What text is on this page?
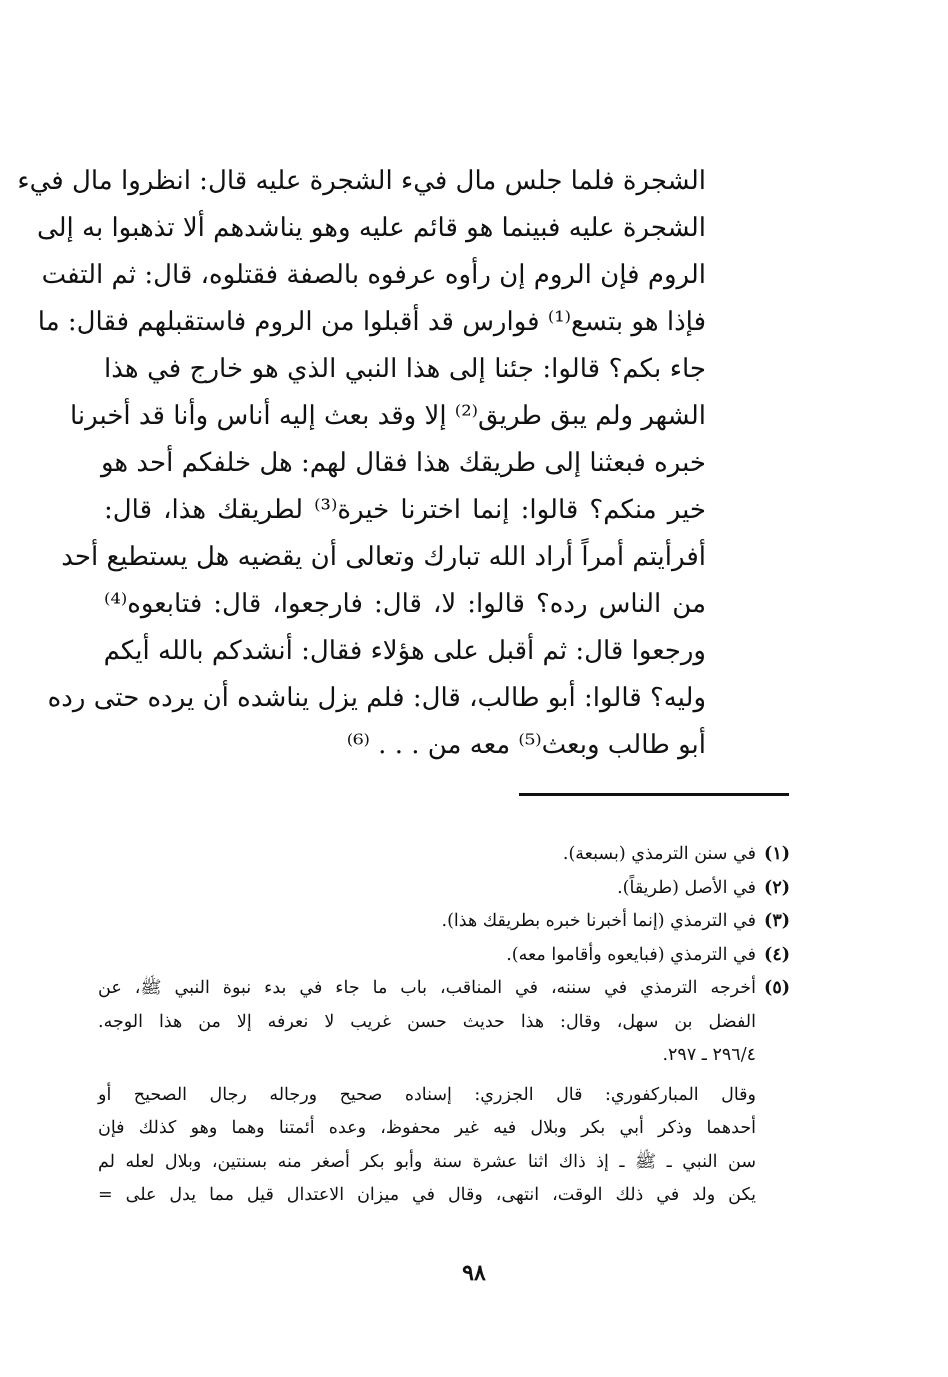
الشجرة فلما جلس مال فيء الشجرة عليه قال: انظروا مال فيء
الشجرة عليه فبينما هو قائم عليه وهو يناشدهم ألا تذهبوا به إلى
الروم فإن الروم إن رأوه عرفوه بالصفة فقتلوه، قال: ثم التفت
فإذا هو بتسع⁽¹⁾ فوارس قد أقبلوا من الروم فاستقبلهم فقال: ما
جاء بكم؟ قالوا: جئنا إلى هذا النبي الذي هو خارج في هذا
الشهر ولم يبق طريق⁽²⁾ إلا وقد بعث إليه أناس وأنا قد أخبرنا
خبره فبعثنا إلى طريقك هذا فقال لهم: هل خلفكم أحد هو
خير منكم؟ قالوا: إنما اخترنا خيرة⁽³⁾ لطريقك هذا، قال:
أفرأيتم أمراً أراد الله تبارك وتعالى أن يقضيه هل يستطيع أحد
من الناس رده؟ قالوا: لا، قال: فارجعوا، قال: فتابعوه⁽⁴⁾
ورجعوا قال: ثم أقبل على هؤلاء فقال: أنشدكم بالله أيكم
وليه؟ قالوا: أبو طالب، قال: فلم يزل يناشده أن يرده حتى رده
أبو طالب وبعث⁽⁵⁾ معه من . . . ⁽⁶⁾
(١)
في سنن الترمذي (بسبعة).
(٢)
في الأصل (طريقاً).
(٣)
في الترمذي (إنما أخبرنا خبره بطريقك هذا).
(٤)
في الترمذي (فبايعوه وأقاموا معه).
(٥)
أخرجه الترمذي في سننه، في المناقب، باب ما جاء في بدء نبوة النبي ﷺ، عن
الفضل بن سهل، وقال: هذا حديث حسن غريب لا نعرفه إلا من هذا الوجه.
٢٩٦/٤ ـ ٢٩٧.
وقال المباركفوري: قال الجزري: إسناده صحيح ورجاله رجال الصحيح أو
أحدهما وذكر أبي بكر وبلال فيه غير محفوظ، وعده أئمتنا وهما وهو كذلك فإن
سن النبي ـ ﷺ ـ إذ ذاك اثنا عشرة سنة وأبو بكر أصغر منه بسنتين، وبلال لعله لم
يكن ولد في ذلك الوقت، انتهى، وقال في ميزان الاعتدال قيل مما يدل على =
٩٨
